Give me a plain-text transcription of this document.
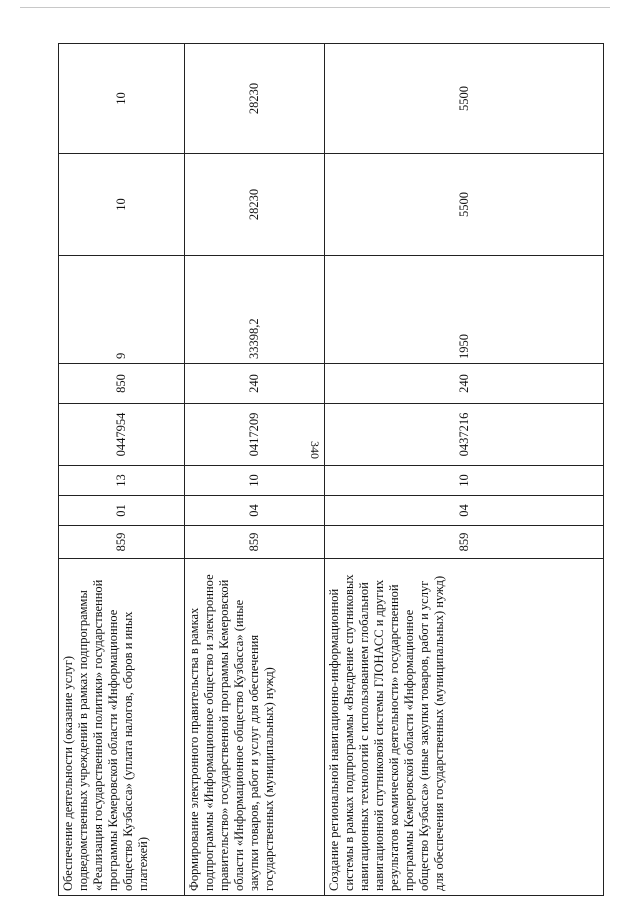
340
Обеспечение деятельности (оказание услуг) подведомственных учреждений в рамках подпрограммы «Реализация государственной политики» государственной программы Кемеровской области «Информационное общество Кузбасса» (уплата налогов, сборов и иных платежей)	859	01	13	0447954	850	9	10	10
Формирование электронного правительства в рамках подпрограммы «Информационное общество и электронное правительство» государственной программы Кемеровской области «Информационное общество Кузбасса» (иные закупки товаров, работ и услуг для обеспечения государственных (муниципальных) нужд)	859	04	10	0417209	240	33398,2	28230	28230
Создание региональной навигационно-информационной системы в рамках подпрограммы «Внедрение спутниковых навигационных технологий с использованием глобальной навигационной спутниковой системы ГЛОНАСС и других результатов космической деятельности» государственной программы Кемеровской области «Информационное общество Кузбасса» (иные закупки товаров, работ и услуг для обеспечения государственных (муниципальных) нужд)	859	04	10	0437216	240	1950	5500	5500
